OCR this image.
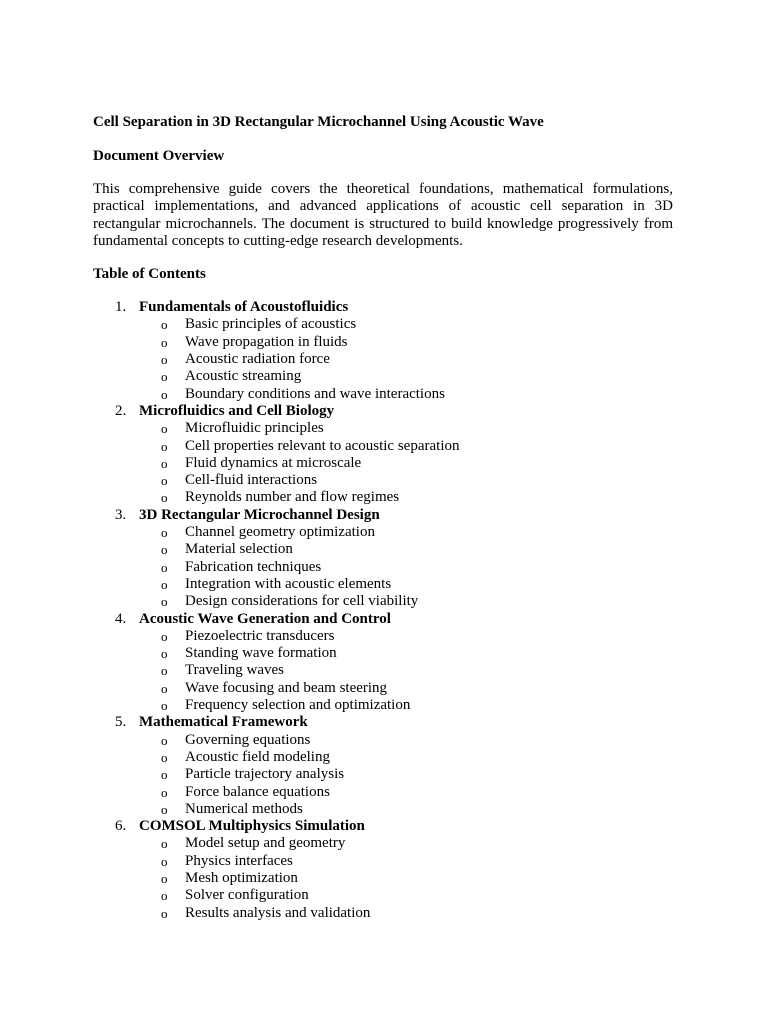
Cell Separation in 3D Rectangular Microchannel Using Acoustic Wave

Document Overview

This comprehensive guide covers the theoretical foundations, mathematical formulations, practical implementations, and advanced applications of acoustic cell separation in 3D rectangular microchannels. The document is structured to build knowledge progressively from fundamental concepts to cutting-edge research developments.

Table of Contents

1. Fundamentals of Acoustofluidics
o Basic principles of acoustics
o Wave propagation in fluids
o Acoustic radiation force
o Acoustic streaming
o Boundary conditions and wave interactions
2. Microfluidics and Cell Biology
o Microfluidic principles
o Cell properties relevant to acoustic separation
o Fluid dynamics at microscale
o Cell-fluid interactions
o Reynolds number and flow regimes
3. 3D Rectangular Microchannel Design
o Channel geometry optimization
o Material selection
o Fabrication techniques
o Integration with acoustic elements
o Design considerations for cell viability
4. Acoustic Wave Generation and Control
o Piezoelectric transducers
o Standing wave formation
o Traveling waves
o Wave focusing and beam steering
o Frequency selection and optimization
5. Mathematical Framework
o Governing equations
o Acoustic field modeling
o Particle trajectory analysis
o Force balance equations
o Numerical methods
6. COMSOL Multiphysics Simulation
o Model setup and geometry
o Physics interfaces
o Mesh optimization
o Solver configuration
o Results analysis and validation
